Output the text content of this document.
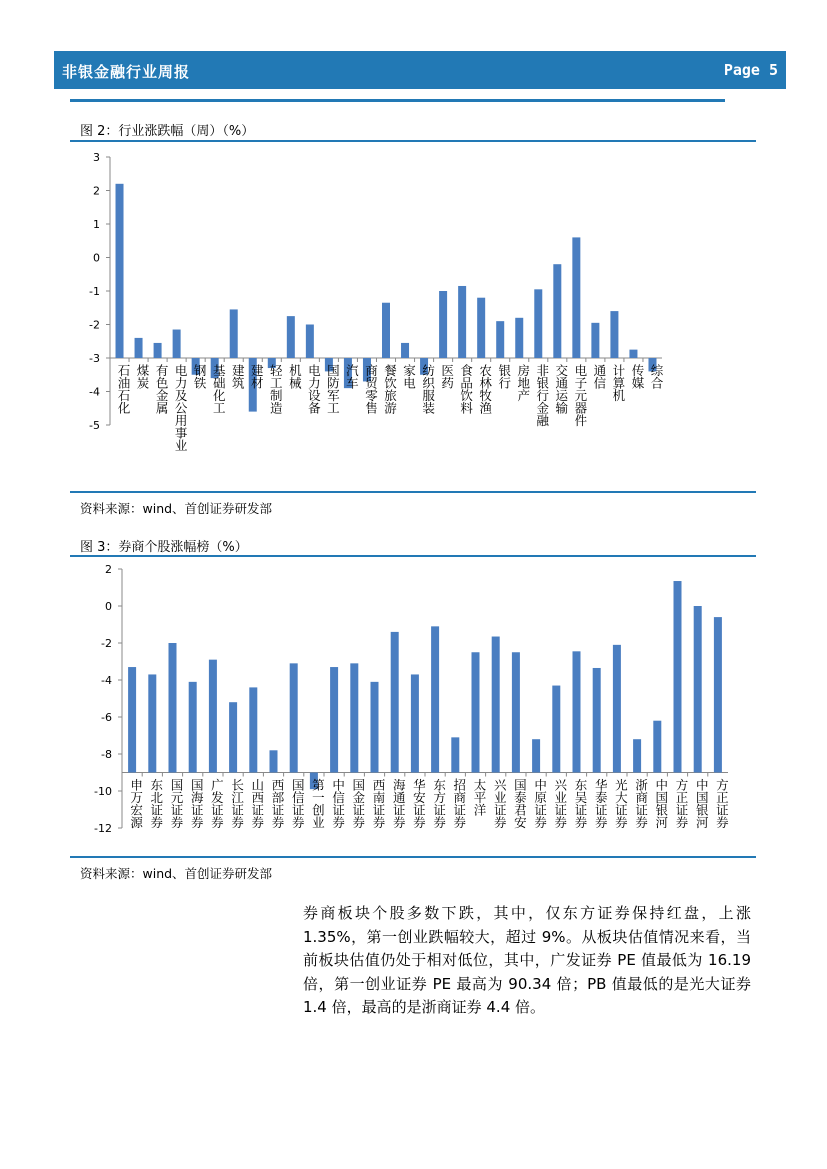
非银金融行业周报	Page 5
图 2：行业涨跌幅（周）（%）
3
2
1
0
-1
-2
-3
-4
-5
石油石化 煤炭 有色金属 电力及公用事业 钢铁 基础化工 建筑 建材 轻工制造 机械 电力设备 国防军工 汽车 商贸零售 餐饮旅游 家电 纺织服装 医药 食品饮料 农林牧渔 银行 房地产 非银行金融 交通运输 电子元器件 通信 计算机 传媒 综合
资料来源：wind、首创证券研发部
图 3：券商个股涨幅榜（%）
2
0
-2
-4
-6
-8
-10
-12 申万宏源 东北证券 国元证券 国海证券 广发证券 长江证券 山西证券 西部证券 国信证券 第一创业 中信证券 国金证券 西南证券 海通证券 华安证券 东方证券 招商证券 太平洋 兴业证券 国泰君安 中原证券 兴业证券 东吴证券 华泰证券 光大证券 浙商证券 中国银河 方正证券 中国银河 方正证券
资料来源：wind、首创证券研发部

券商板块个股多数下跌，其中，仅东方证券保持红盘，上涨1.35%，第一创业跌幅较大，超过 9%。从板块估值情况来看，当前板块估值仍处于相对低位，其中，广发证券 PE 值最低为 16.19 倍，第一创业证券 PE 最高为 90.34 倍；PB 值最低的是光大证券 1.4 倍，最高的是浙商证券 4.4 倍。
